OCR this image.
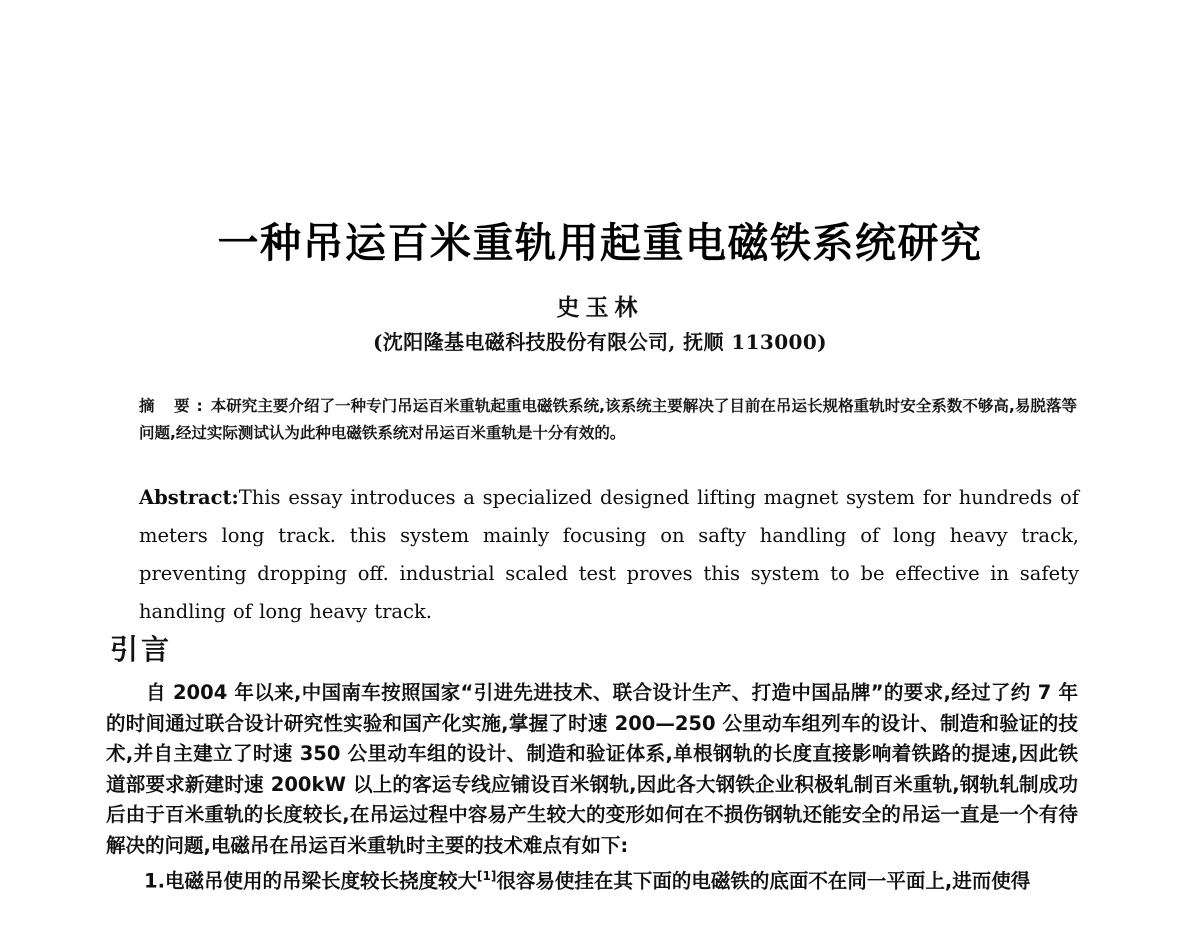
一种吊运百米重轨用起重电磁铁系统研究
史玉林
(沈阳隆基电磁科技股份有限公司, 抚顺 113000)
摘 要:本研究主要介绍了一种专门吊运百米重轨起重电磁铁系统,该系统主要解决了目前在吊运长规格重轨时安全系数不够高,易脱落等问题,经过实际测试认为此种电磁铁系统对吊运百米重轨是十分有效的。
Abstract:This essay introduces a specialized designed lifting magnet system for hundreds of meters long track. this system mainly focusing on safty handling of long heavy track, preventing dropping off. industrial scaled test proves this system to be effective in safety handling of long heavy track.
引言

自 2004 年以来,中国南车按照国家“引进先进技术、联合设计生产、打造中国品牌”的要求,经过了约 7 年的时间通过联合设计研究性实验和国产化实施,掌握了时速 200—250 公里动车组列车的设计、制造和验证的技术,并自主建立了时速 350 公里动车组的设计、制造和验证体系,单根钢轨的长度直接影响着铁路的提速,因此铁道部要求新建时速 200kW 以上的客运专线应铺设百米钢轨,因此各大钢铁企业积极轧制百米重轨,钢轨轧制成功后由于百米重轨的长度较长,在吊运过程中容易产生较大的变形如何在不损伤钢轨还能安全的吊运一直是一个有待解决的问题,电磁吊在吊运百米重轨时主要的技术难点有如下:

1.电磁吊使用的吊梁长度较长挠度较大[1]很容易使挂在其下面的电磁铁的底面不在同一平面上,进而使得
